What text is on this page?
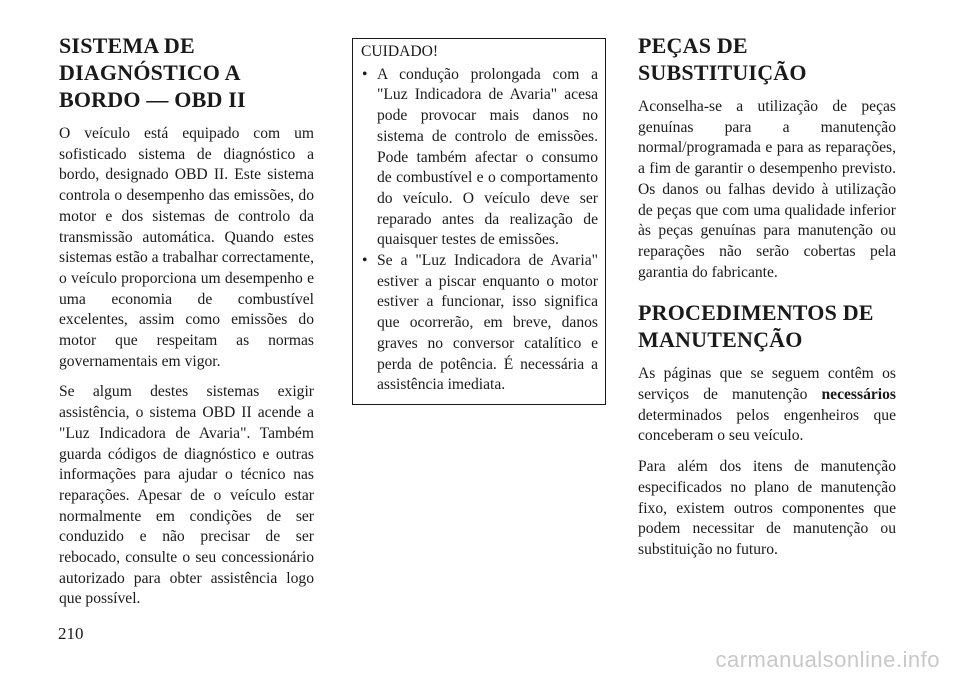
SISTEMA DE DIAGNÓSTICO A BORDO — OBD II

O veículo está equipado com um sofisticado sistema de diagnóstico a bordo, designado OBD II. Este sistema controla o desempenho das emissões, do motor e dos sistemas de controlo da transmissão automática. Quando estes sistemas estão a trabalhar correctamente, o veículo proporciona um desempenho e uma economia de combustível excelentes, assim como emissões do motor que respeitam as normas governamentais em vigor.

Se algum destes sistemas exigir assistência, o sistema OBD II acende a "Luz Indicadora de Avaria". Também guarda códigos de diagnóstico e outras informações para ajudar o técnico nas reparações. Apesar de o veículo estar normalmente em condições de ser conduzido e não precisar de ser rebocado, consulte o seu concessionário autorizado para obter assistência logo que possível.

CUIDADO!
• A condução prolongada com a "Luz Indicadora de Avaria" acesa pode provocar mais danos no sistema de controlo de emissões. Pode também afectar o consumo de combustível e o comportamento do veículo. O veículo deve ser reparado antes da realização de quaisquer testes de emissões.
• Se a "Luz Indicadora de Avaria" estiver a piscar enquanto o motor estiver a funcionar, isso significa que ocorrerão, em breve, danos graves no conversor catalítico e perda de potência. É necessária a assistência imediata.
PEÇAS DE SUBSTITUIÇÃO

Aconselha-se a utilização de peças genuínas para a manutenção normal/programada e para as reparações, a fim de garantir o desempenho previsto. Os danos ou falhas devido à utilização de peças que com uma qualidade inferior às peças genuínas para manutenção ou reparações não serão cobertas pela garantia do fabricante.

PROCEDIMENTOS DE MANUTENÇÃO

As páginas que se seguem contêm os serviços de manutenção necessários determinados pelos engenheiros que conceberam o seu veículo.

Para além dos itens de manutenção especificados no plano de manutenção fixo, existem outros componentes que podem necessitar de manutenção ou substituição no futuro.

210
carmanualsonline.info
